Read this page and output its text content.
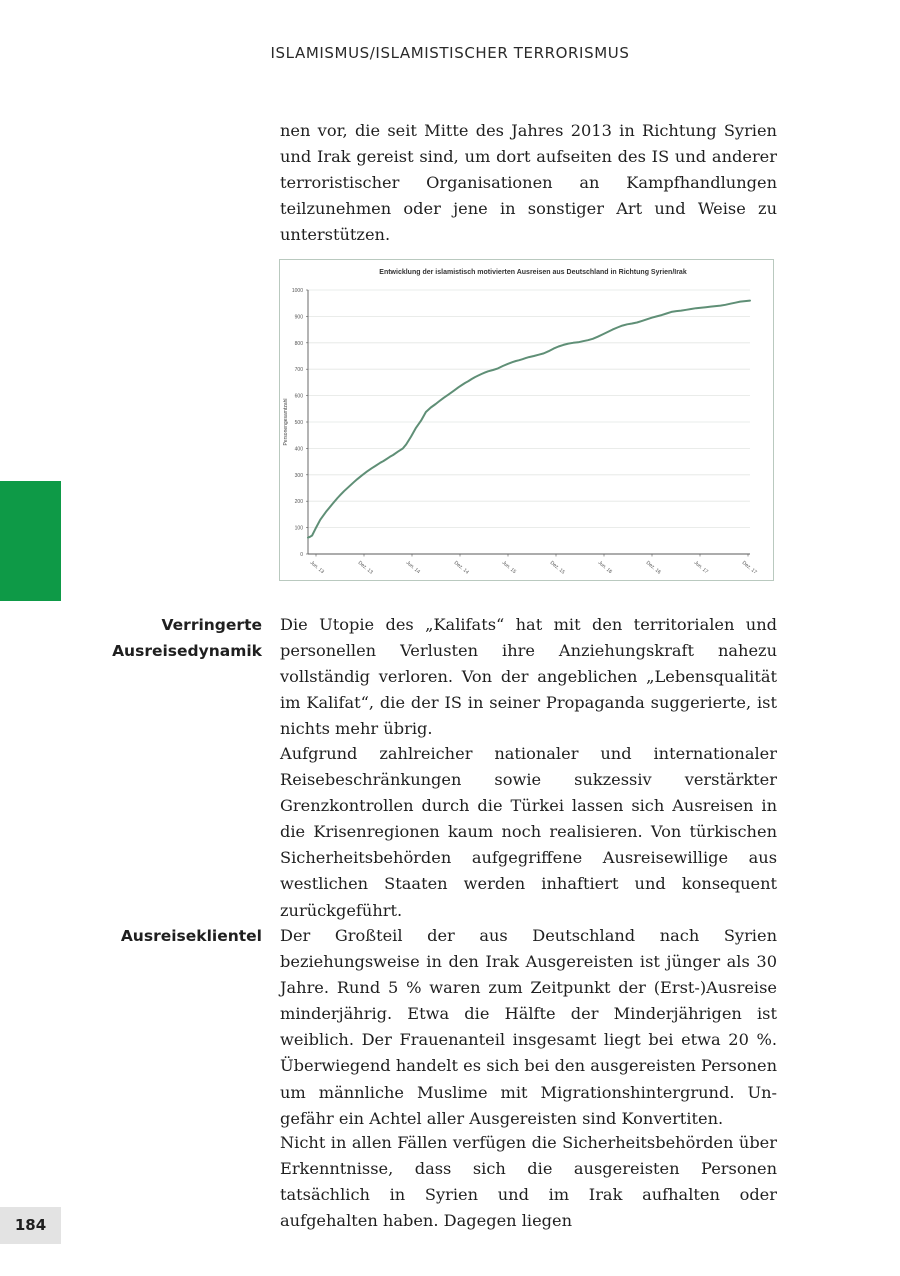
ISLAMISMUS/ISLAMISTISCHER TERRORISMUS

nen vor, die seit Mitte des Jahres 2013 in Richtung Syrien und Irak gereist sind, um dort aufseiten des IS und anderer terroristischer Organisationen an Kampfhandlungen teilzunehmen oder jene in sonstiger Art und Weise zu unterstützen.

Entwicklung der islamistisch motivierten Ausreisen aus Deutschland in Richtung Syrien/Irak
Personengesamtzahl
0
100
200
300
400
500
600
700
800
900
1000
Jun. 13	Dez. 13	Jun. 14	Dez. 14	Jun. 15	Dez. 15	Jun. 16	Dez. 16	Jun. 17	Dez. 17
Verringerte Ausreisedynamik

Die Utopie des „Kalifats“ hat mit den territorialen und personellen Verlusten ihre Anziehungskraft nahezu vollständig verloren. Von der angeblichen „Lebensqualität im Kalifat“, die der IS in seiner Propaganda suggerierte, ist nichts mehr übrig.

Aufgrund zahlreicher nationaler und internationaler Reisebeschränkungen sowie sukzessiv verstärkter Grenzkontrollen durch die Türkei lassen sich Ausreisen in die Krisenregionen kaum noch realisieren. Von türkischen Sicherheitsbehörden aufgegriffene Ausreisewillige aus westlichen Staaten werden inhaftiert und konsequent zurückgeführt.

Ausreiseklientel Der Großteil der aus Deutschland nach Syrien beziehungsweise in den Irak Ausgereisten ist jünger als 30 Jahre. Rund 5 % waren zum Zeitpunkt der (Erst-)Ausreise minderjährig. Etwa die Hälfte der Minderjährigen ist weiblich. Der Frauenanteil insgesamt liegt bei etwa 20 %. Überwiegend handelt es sich bei den ausgereisten Personen um männliche Muslime mit Migrationshintergrund. Ungefähr ein Achtel aller Ausgereisten sind Konvertiten.

Nicht in allen Fällen verfügen die Sicherheitsbehörden über Erkenntnisse, dass sich die ausgereisten Personen tatsächlich in Syrien und im Irak aufhalten oder aufgehalten haben. Dagegen liegen

184
